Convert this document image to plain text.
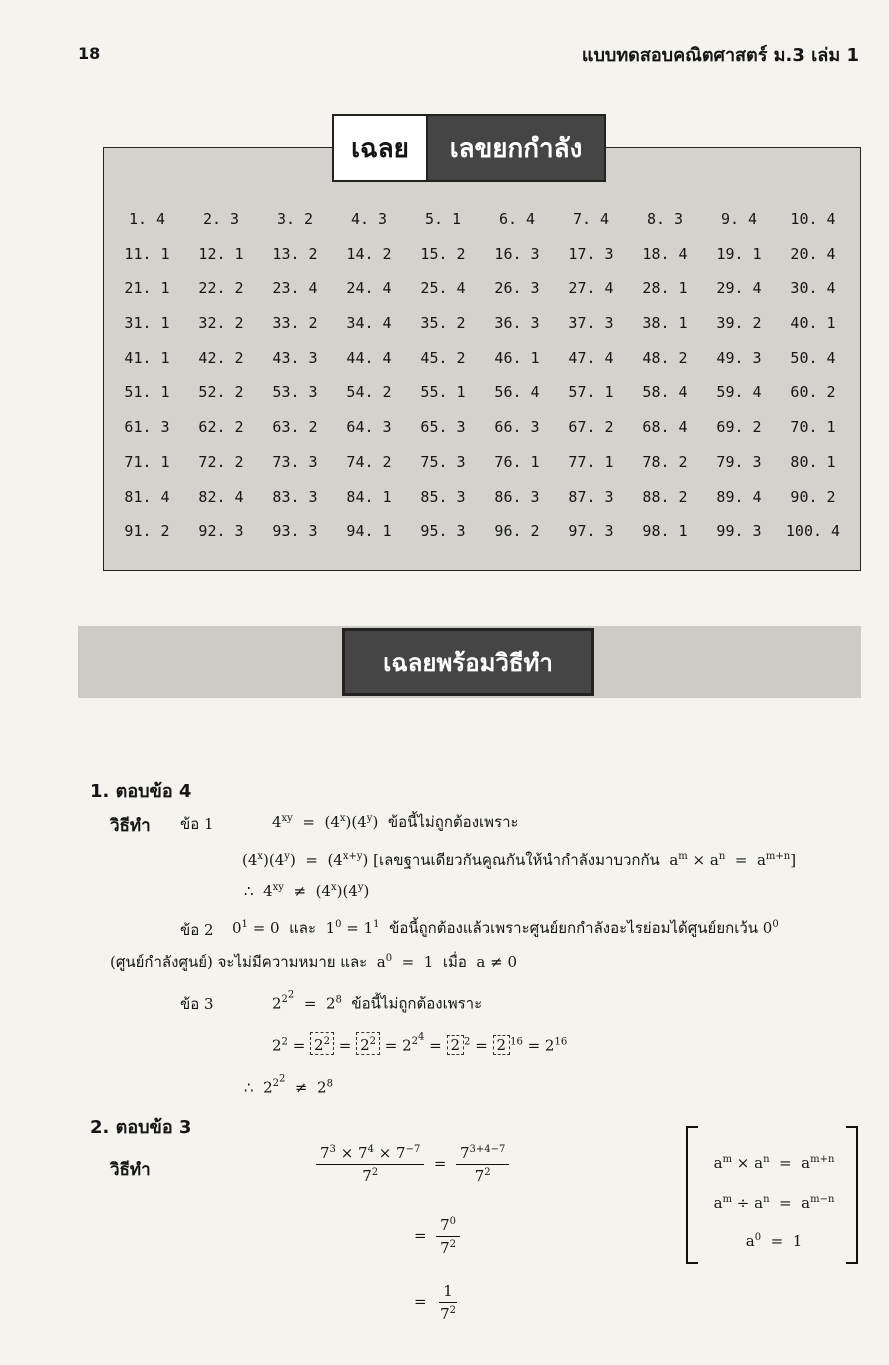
18	แบบทดสอบคณิตศาสตร์ ม.3 เล่ม 1
1. 4	2. 3	3. 2	4. 3	5. 1	6. 4	7. 4	8. 3	9. 4	10. 4
11. 1	12. 1	13. 2	14. 2	15. 2	16. 3	17. 3	18. 4	19. 1	20. 4
21. 1	22. 2	23. 4	24. 4	25. 4	26. 3	27. 4	28. 1	29. 4	30. 4
31. 1	32. 2	33. 2	34. 4	35. 2	36. 3	37. 3	38. 1	39. 2	40. 1
41. 1	42. 2	43. 3	44. 4	45. 2	46. 1	47. 4	48. 2	49. 3	50. 4
51. 1	52. 2	53. 3	54. 2	55. 1	56. 4	57. 1	58. 4	59. 4	60. 2
61. 3	62. 2	63. 2	64. 3	65. 3	66. 3	67. 2	68. 4	69. 2	70. 1
71. 1	72. 2	73. 3	74. 2	75. 3	76. 1	77. 1	78. 2	79. 3	80. 1
81. 4	82. 4	83. 3	84. 1	85. 3	86. 3	87. 3	88. 2	89. 4	90. 2
91. 2	92. 3	93. 3	94. 1	95. 3	96. 2	97. 3	98. 1	99. 3	100. 4
เฉลย	เลขยกกำลัง
เฉลยพร้อมวิธีทำ
1. ตอบข้อ 4
วิธีทำ ข้อ 1	$4^{xy} = (4^x)(4^y)$  ข้อนี้ไม่ถูกต้องเพราะ
$(4^x)(4^y) = (4^{x+y})$ [เลขฐานเดียวกันคูณกันให้นำกำลังมาบวกกัน  $a^m \times a^n = a^{m+n}$]
∴  $4^{xy} \ne (4^x)(4^y)$
ข้อ 2 $0^1 = 0$  และ  $1^0 = 1^1$ ข้อนี้ถูกต้องแล้วเพราะศูนย์ยกกำลังอะไรย่อมได้ศูนย์ยกเว้น $0^0$
(ศูนย์กำลังศูนย์) จะไม่มีความหมาย และ  $a^0 = 1$  เมื่อ  a ≠ 0
ข้อ 3	$2^{2^2} = 2^8$ ข้อนี้ไม่ถูกต้องเพราะ
$2^2 = 2^2 = 2^2 = 2^{2^4} = 2$ $^2$ = 2 $^{16} = 2^{16}$
∴  $2^{2^2} \ne 2^8$
2. ตอบข้อ 3
วิธีทำ	$\frac{7^3 \times 7^4 \times 7^{-7}}{7^2} = \frac{7^{3+4-7}}{7^2}$
= $\frac{7^0}{7^2}$
= $\frac{1}{7^2}$
$a^m \times a^n = a^{m+n}$
$a^m \div a^n = a^{m-n}$
$a^0 = 1$
